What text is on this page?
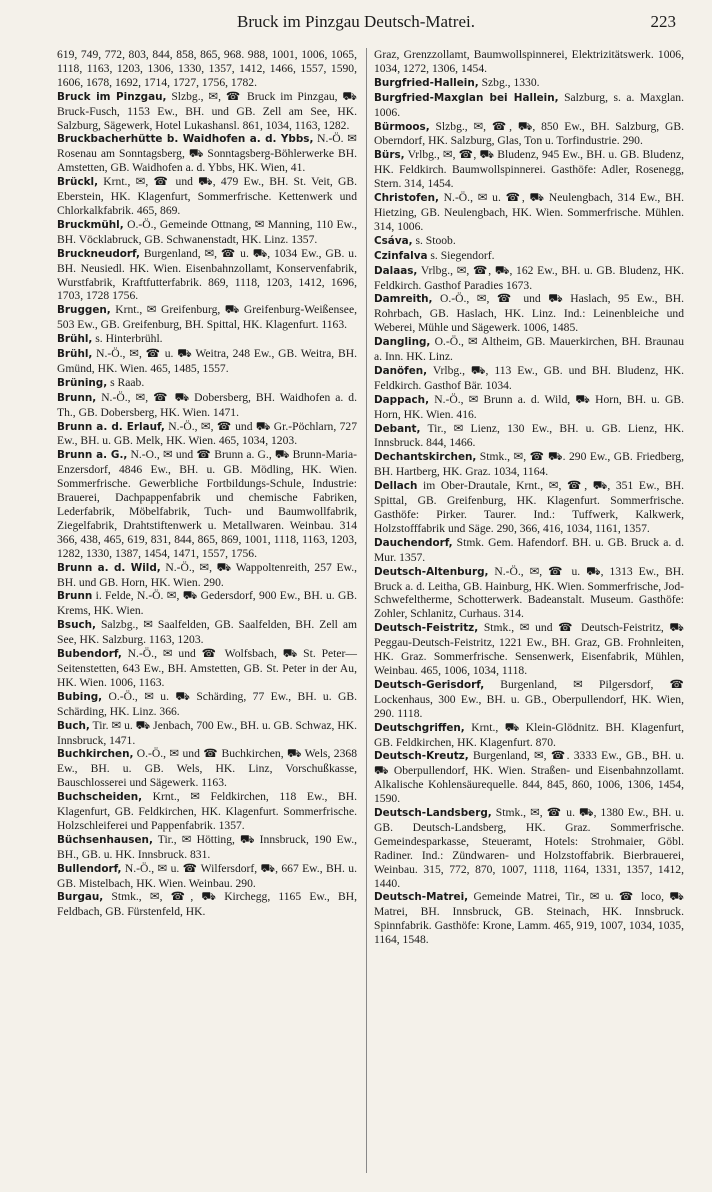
Bruck im Pinzgau Deutsch-Matrei.	223
619, 749, 772, 803, 844, 858, 865, 968. 988, 1001, 1006, 1065, 1118, 1163, 1203, 1306, 1330, 1357, 1412, 1466, 1557, 1590, 1606, 1678, 1692, 1714, 1727, 1756, 1782.
Bruck im Pinzgau, Slzbg., ✉, ☎ Bruck im Pinzgau, ⛟ Bruck-Fusch, 1153 Ew., BH. und GB. Zell am See, HK. Salzburg, Sägewerk, Hotel Lukashansl. 861, 1034, 1163, 1282.
Bruckbacherhütte b. Waidhofen a. d. Ybbs, N.-Ö. ✉ Rosenau am Sonntagsberg, ⛟ Sonntagsberg-Böhlerwerke BH. Amstetten, GB. Waidhofen a. d. Ybbs, HK. Wien, 41.
Brückl, Krnt., ✉, ☎ und ⛟, 479 Ew., BH. St. Veit, GB. Eberstein, HK. Klagenfurt, Sommerfrische. Kettenwerk und Chlorkalkfabrik. 465, 869.
Bruckmühl, O.-Ö., Gemeinde Ottnang, ✉ Manning, 110 Ew., BH. Vöcklabruck, GB. Schwanenstadt, HK. Linz. 1357.
Bruckneudorf, Burgenland, ✉, ☎ u. ⛟, 1034 Ew., GB. u. BH. Neusiedl. HK. Wien. Eisenbahnzollamt, Konservenfabrik, Wurstfabrik, Kraftfutterfabrik. 869, 1118, 1203, 1412, 1696, 1703, 1728 1756.
Bruggen, Krnt., ✉ Greifenburg, ⛟ Greifenburg-Weißensee, 503 Ew., GB. Greifenburg, BH. Spittal, HK. Klagenfurt. 1163.
Brühl, s. Hinterbrühl.
Brühl, N.-Ö., ✉, ☎ u. ⛟ Weitra, 248 Ew., GB. Weitra, BH. Gmünd, HK. Wien. 465, 1485, 1557.
Brüning, s Raab.
Brunn, N.-Ö., ✉, ☎ ⛟ Dobersberg, BH. Waidhofen a. d. Th., GB. Dobersberg, HK. Wien. 1471.
Brunn a. d. Erlauf, N.-Ö., ✉, ☎ und ⛟ Gr.-Pöchlarn, 727 Ew., BH. u. GB. Melk, HK. Wien. 465, 1034, 1203.
Brunn a. G., N.-O., ✉ und ☎ Brunn a. G., ⛟ Brunn-Maria-Enzersdorf, 4846 Ew., BH. u. GB. Mödling, HK. Wien. Sommerfrische. Gewerbliche Fortbildungs-Schule, Industrie: Brauerei, Dachpappenfabrik und chemische Fabriken, Lederfabrik, Möbelfabrik, Tuch- und Baumwollfabrik, Ziegelfabrik, Drahtstiftenwerk u. Metallwaren. Weinbau. 314 366, 438, 465, 619, 831, 844, 865, 869, 1001, 1118, 1163, 1203, 1282, 1330, 1387, 1454, 1471, 1557, 1756.
Brunn a. d. Wild, N.-Ö., ✉, ⛟ Wappoltenreith, 257 Ew., BH. und GB. Horn, HK. Wien. 290.
Brunn i. Felde, N.-Ö. ✉, ⛟ Gedersdorf, 900 Ew., BH. u. GB. Krems, HK. Wien.
Bsuch, Salzbg., ✉ Saalfelden, GB. Saalfelden, BH. Zell am See, HK. Salzburg. 1163, 1203.
Bubendorf, N.-Ö., ✉ und ☎ Wolfsbach, ⛟ St. Peter—Seitenstetten, 643 Ew., BH. Amstetten, GB. St. Peter in der Au, HK. Wien. 1006, 1163.
Bubing, O.-Ö., ✉ u. ⛟ Schärding, 77 Ew., BH. u. GB. Schärding, HK. Linz. 366.
Buch, Tir. ✉ u. ⛟ Jenbach, 700 Ew., BH. u. GB. Schwaz, HK. Innsbruck, 1471.
Buchkirchen, O.-Ö., ✉ und ☎ Buchkirchen, ⛟ Wels, 2368 Ew., BH. u. GB. Wels, HK. Linz, Vorschußkasse, Bauschlosserei und Sägewerk. 1163.
Buchscheiden, Krnt., ✉ Feldkirchen, 118 Ew., BH. Klagenfurt, GB. Feldkirchen, HK. Klagenfurt. Sommerfrische. Holzschleiferei und Pappenfabrik. 1357.
Büchsenhausen, Tir., ✉ Hötting, ⛟ Innsbruck, 190 Ew., BH., GB. u. HK. Innsbruck. 831.
Bullendorf, N.-Ö., ✉ u. ☎ Wilfersdorf, ⛟, 667 Ew., BH. u. GB. Mistelbach, HK. Wien. Weinbau. 290.
Burgau, Stmk., ✉, ☎, ⛟ Kirchegg, 1165 Ew., BH, Feldbach, GB. Fürstenfeld, HK.
Graz, Grenzzollamt, Baumwollspinnerei, Elektrizitätswerk. 1006, 1034, 1272, 1306, 1454.
Burgfried-Hallein, Szbg., 1330.
Burgfried-Maxglan bei Hallein, Salzburg, s. a. Maxglan. 1006.
Bürmoos, Slzbg., ✉, ☎, ⛟, 850 Ew., BH. Salzburg, GB. Oberndorf, HK. Salzburg, Glas, Ton u. Torfindustrie. 290.
Bürs, Vrlbg., ✉, ☎, ⛟ Bludenz, 945 Ew., BH. u. GB. Bludenz, HK. Feldkirch. Baumwollspinnerei. Gasthöfe: Adler, Rosenegg, Stern. 314, 1454.
Christofen, N.-Ö., ✉ u. ☎, ⛟ Neulengbach, 314 Ew., BH. Hietzing, GB. Neulengbach, HK. Wien. Sommerfrische. Mühlen. 314, 1006.
Csáva, s. Stoob.
Czinfalva s. Siegendorf.
Dalaas, Vrlbg., ✉, ☎, ⛟, 162 Ew., BH. u. GB. Bludenz, HK. Feldkirch. Gasthof Paradies 1673.
Damreith, O.-Ö., ✉, ☎ und ⛟ Haslach, 95 Ew., BH. Rohrbach, GB. Haslach, HK. Linz. Ind.: Leinenbleiche und Weberei, Mühle und Sägewerk. 1006, 1485.
Dangling, O.-Ö., ✉ Altheim, GB. Mauerkirchen, BH. Braunau a. Inn. HK. Linz.
Danöfen, Vrlbg., ⛟, 113 Ew., GB. und BH. Bludenz, HK. Feldkirch. Gasthof Bär. 1034.
Dappach, N.-Ö., ✉ Brunn a. d. Wild, ⛟ Horn, BH. u. GB. Horn, HK. Wien. 416.
Debant, Tir., ✉ Lienz, 130 Ew., BH. u. GB. Lienz, HK. Innsbruck. 844, 1466.
Dechantskirchen, Stmk., ✉, ☎ ⛟. 290 Ew., GB. Friedberg, BH. Hartberg, HK. Graz. 1034, 1164.
Dellach im Ober-Drautale, Krnt., ✉, ☎, ⛟, 351 Ew., BH. Spittal, GB. Greifenburg, HK. Klagenfurt. Sommerfrische. Gasthöfe: Pirker. Taurer. Ind.: Tuffwerk, Kalkwerk, Holzstofffabrik und Säge. 290, 366, 416, 1034, 1161, 1357.
Dauchendorf, Stmk. Gem. Hafendorf. BH. u. GB. Bruck a. d. Mur. 1357.
Deutsch-Altenburg, N.-Ö., ✉, ☎ u. ⛟, 1313 Ew., BH. Bruck a. d. Leitha, GB. Hainburg, HK. Wien. Sommerfrische, Jod-Schwefeltherme, Schotterwerk. Badeanstalt. Museum. Gasthöfe: Zohler, Schlanitz, Curhaus. 314.
Deutsch-Feistritz, Stmk., ✉ und ☎ Deutsch-Feistritz, ⛟ Peggau-Deutsch-Feistritz, 1221 Ew., BH. Graz, GB. Frohnleiten, HK. Graz. Sommerfrische. Sensenwerk, Eisenfabrik, Mühlen, Weinbau. 465, 1006, 1034, 1118.
Deutsch-Gerisdorf, Burgenland, ✉ Pilgersdorf, ☎ Lockenhaus, 300 Ew., BH. u. GB., Oberpullendorf, HK. Wien, 290. 1118.
Deutschgriffen, Krnt., ⛟ Klein-Glödnitz. BH. Klagenfurt, GB. Feldkirchen, HK. Klagenfurt. 870.
Deutsch-Kreutz, Burgenland, ✉, ☎. 3333 Ew., GB., BH. u. ⛟ Oberpullendorf, HK. Wien. Straßen- und Eisenbahnzollamt. Alkalische Kohlensäurequelle. 844, 845, 860, 1006, 1306, 1454, 1590.
Deutsch-Landsberg, Stmk., ✉, ☎ u. ⛟, 1380 Ew., BH. u. GB. Deutsch-Landsberg, HK. Graz. Sommerfrische. Gemeindesparkasse, Steueramt, Hotels: Strohmaier, Göbl. Radiner. Ind.: Zündwaren- und Holzstoffabrik. Bierbrauerei, Weinbau. 315, 772, 870, 1007, 1118, 1164, 1331, 1357, 1412, 1440.
Deutsch-Matrei, Gemeinde Matrei, Tir., ✉ u. ☎ loco, ⛟ Matrei, BH. Innsbruck, GB. Steinach, HK. Innsbruck. Spinnfabrik. Gasthöfe: Krone, Lamm. 465, 919, 1007, 1034, 1035, 1164, 1548.
